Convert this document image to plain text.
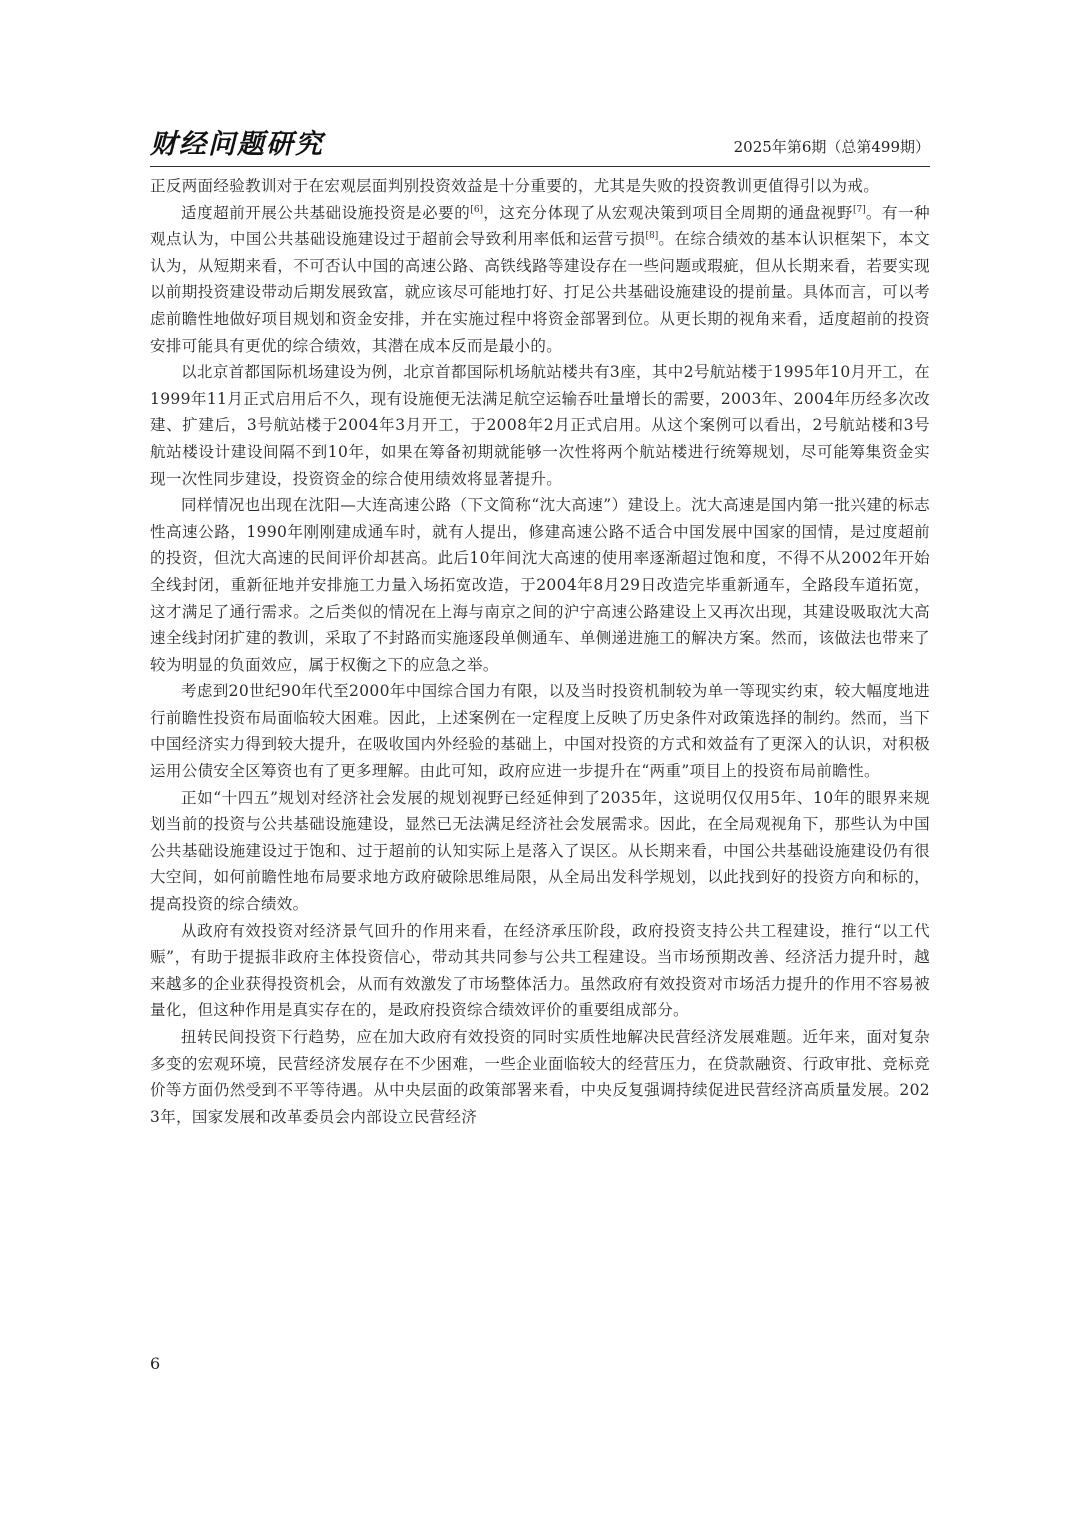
财经问题研究	2025年第6期（总第499期）

正反两面经验教训对于在宏观层面判别投资效益是十分重要的，尤其是失败的投资教训更值得引以为戒。

适度超前开展公共基础设施投资是必要的[6]，这充分体现了从宏观决策到项目全周期的通盘视野[7]。有一种观点认为，中国公共基础设施建设过于超前会导致利用率低和运营亏损[8]。在综合绩效的基本认识框架下，本文认为，从短期来看，不可否认中国的高速公路、高铁线路等建设存在一些问题或瑕疵，但从长期来看，若要实现以前期投资建设带动后期发展致富，就应该尽可能地打好、打足公共基础设施建设的提前量。具体而言，可以考虑前瞻性地做好项目规划和资金安排，并在实施过程中将资金部署到位。从更长期的视角来看，适度超前的投资安排可能具有更优的综合绩效，其潜在成本反而是最小的。

以北京首都国际机场建设为例，北京首都国际机场航站楼共有3座，其中2号航站楼于1995年10月开工，在1999年11月正式启用后不久，现有设施便无法满足航空运输吞吐量增长的需要，2003年、2004年历经多次改建、扩建后，3号航站楼于2004年3月开工，于2008年2月正式启用。从这个案例可以看出，2号航站楼和3号航站楼设计建设间隔不到10年，如果在筹备初期就能够一次性将两个航站楼进行统筹规划，尽可能筹集资金实现一次性同步建设，投资资金的综合使用绩效将显著提升。

同样情况也出现在沈阳—大连高速公路（下文简称“沈大高速”）建设上。沈大高速是国内第一批兴建的标志性高速公路，1990年刚刚建成通车时，就有人提出，修建高速公路不适合中国发展中国家的国情，是过度超前的投资，但沈大高速的民间评价却甚高。此后10年间沈大高速的使用率逐渐超过饱和度，不得不从2002年开始全线封闭，重新征地并安排施工力量入场拓宽改造，于2004年8月29日改造完毕重新通车，全路段车道拓宽，这才满足了通行需求。之后类似的情况在上海与南京之间的沪宁高速公路建设上又再次出现，其建设吸取沈大高速全线封闭扩建的教训，采取了不封路而实施逐段单侧通车、单侧递进施工的解决方案。然而，该做法也带来了较为明显的负面效应，属于权衡之下的应急之举。

考虑到20世纪90年代至2000年中国综合国力有限，以及当时投资机制较为单一等现实约束，较大幅度地进行前瞻性投资布局面临较大困难。因此，上述案例在一定程度上反映了历史条件对政策选择的制约。然而，当下中国经济实力得到较大提升，在吸收国内外经验的基础上，中国对投资的方式和效益有了更深入的认识，对积极运用公债安全区筹资也有了更多理解。由此可知，政府应进一步提升在“两重”项目上的投资布局前瞻性。

正如“十四五”规划对经济社会发展的规划视野已经延伸到了2035年，这说明仅仅用5年、10年的眼界来规划当前的投资与公共基础设施建设，显然已无法满足经济社会发展需求。因此，在全局观视角下，那些认为中国公共基础设施建设过于饱和、过于超前的认知实际上是落入了误区。从长期来看，中国公共基础设施建设仍有很大空间，如何前瞻性地布局要求地方政府破除思维局限，从全局出发科学规划，以此找到好的投资方向和标的，提高投资的综合绩效。

从政府有效投资对经济景气回升的作用来看，在经济承压阶段，政府投资支持公共工程建设，推行“以工代赈”，有助于提振非政府主体投资信心，带动其共同参与公共工程建设。当市场预期改善、经济活力提升时，越来越多的企业获得投资机会，从而有效激发了市场整体活力。虽然政府有效投资对市场活力提升的作用不容易被量化，但这种作用是真实存在的，是政府投资综合绩效评价的重要组成部分。

扭转民间投资下行趋势，应在加大政府有效投资的同时实质性地解决民营经济发展难题。近年来，面对复杂多变的宏观环境，民营经济发展存在不少困难，一些企业面临较大的经营压力，在贷款融资、行政审批、竞标竞价等方面仍然受到不平等待遇。从中央层面的政策部署来看，中央反复强调持续促进民营经济高质量发展。2023年，国家发展和改革委员会内部设立民营经济

6
